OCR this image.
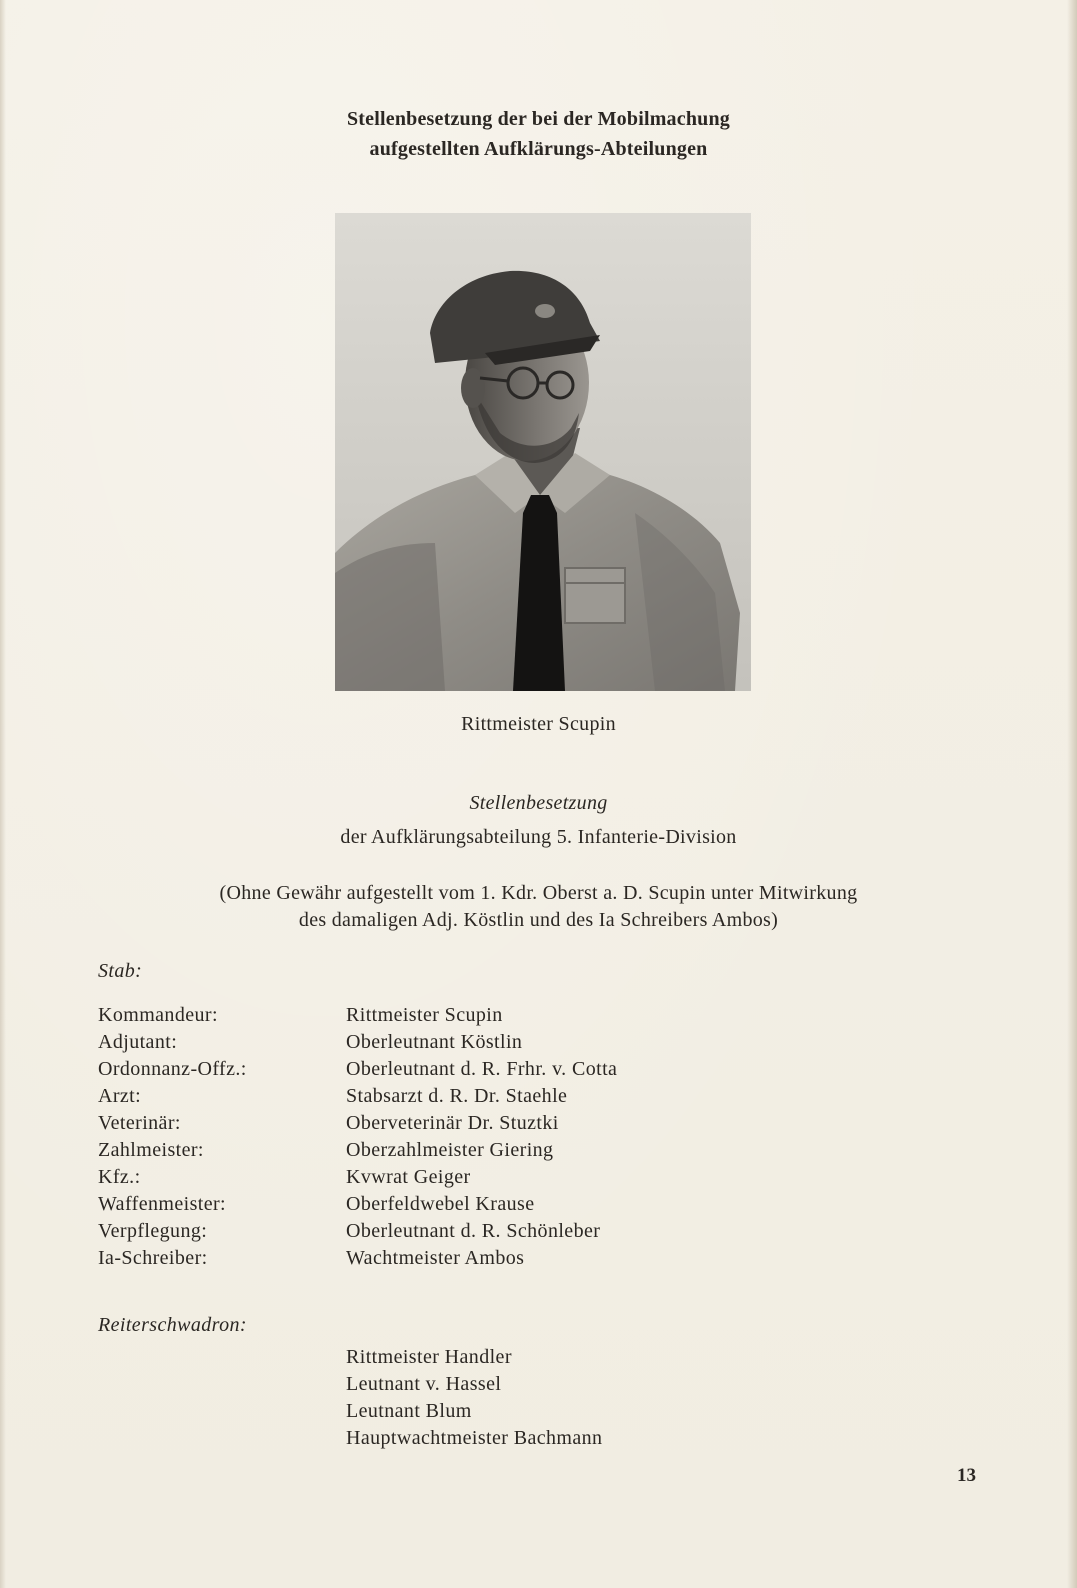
Stellenbesetzung der bei der Mobilmachung
aufgestellten Aufklärungs-Abteilungen
Rittmeister Scupin
Stellenbesetzung
der Aufklärungsabteilung 5. Infanterie-Division
(Ohne Gewähr aufgestellt vom 1. Kdr. Oberst a. D. Scupin unter Mitwirkung
des damaligen Adj. Köstlin und des Ia Schreibers Ambos)
Stab:
Kommandeur:	Rittmeister Scupin
Adjutant:	Oberleutnant Köstlin
Ordonnanz-Offz.:	Oberleutnant d. R. Frhr. v. Cotta
Arzt:	Stabsarzt d. R. Dr. Staehle
Veterinär:	Oberveterinär Dr. Stuztki
Zahlmeister:	Oberzahlmeister Giering
Kfz.:	Kvwrat Geiger
Waffenmeister:	Oberfeldwebel Krause
Verpflegung:	Oberleutnant d. R. Schönleber
Ia-Schreiber:	Wachtmeister Ambos
Reiterschwadron:
Rittmeister Handler
Leutnant v. Hassel
Leutnant Blum
Hauptwachtmeister Bachmann
13
